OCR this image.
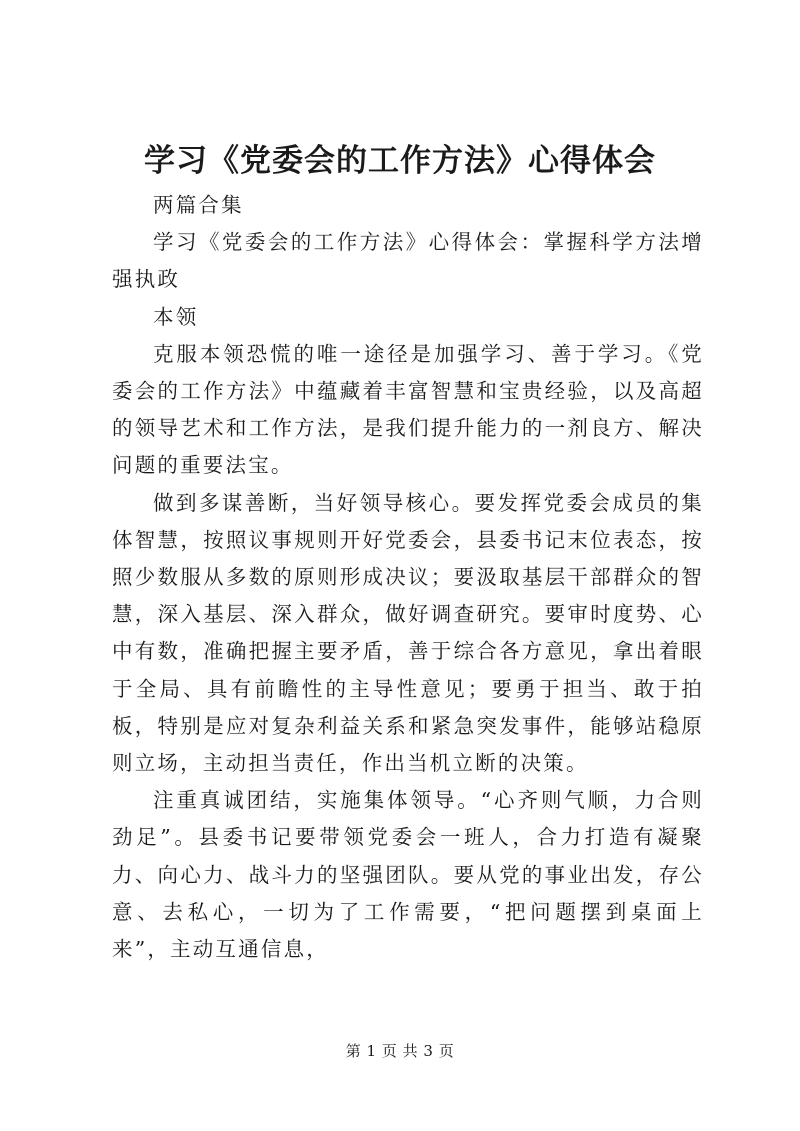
学习《党委会的工作方法》心得体会

两篇合集

学习《党委会的工作方法》心得体会：掌握科学方法增强执政

本领

克服本领恐慌的唯一途径是加强学习、善于学习。《党委会的工作方法》中蕴藏着丰富智慧和宝贵经验，以及高超的领导艺术和工作方法，是我们提升能力的一剂良方、解决问题的重要法宝。

做到多谋善断，当好领导核心。要发挥党委会成员的集体智慧，按照议事规则开好党委会，县委书记末位表态，按照少数服从多数的原则形成决议；要汲取基层干部群众的智慧，深入基层、深入群众，做好调查研究。要审时度势、心中有数，准确把握主要矛盾，善于综合各方意见，拿出着眼于全局、具有前瞻性的主导性意见；要勇于担当、敢于拍板，特别是应对复杂利益关系和紧急突发事件，能够站稳原则立场，主动担当责任，作出当机立断的决策。

注重真诚团结，实施集体领导。“心齐则气顺，力合则劲足”。县委书记要带领党委会一班人，合力打造有凝聚力、向心力、战斗力的坚强团队。要从党的事业出发，存公意、去私心，一切为了工作需要，“把问题摆到桌面上来”，主动互通信息，

第 1 页 共 3 页
